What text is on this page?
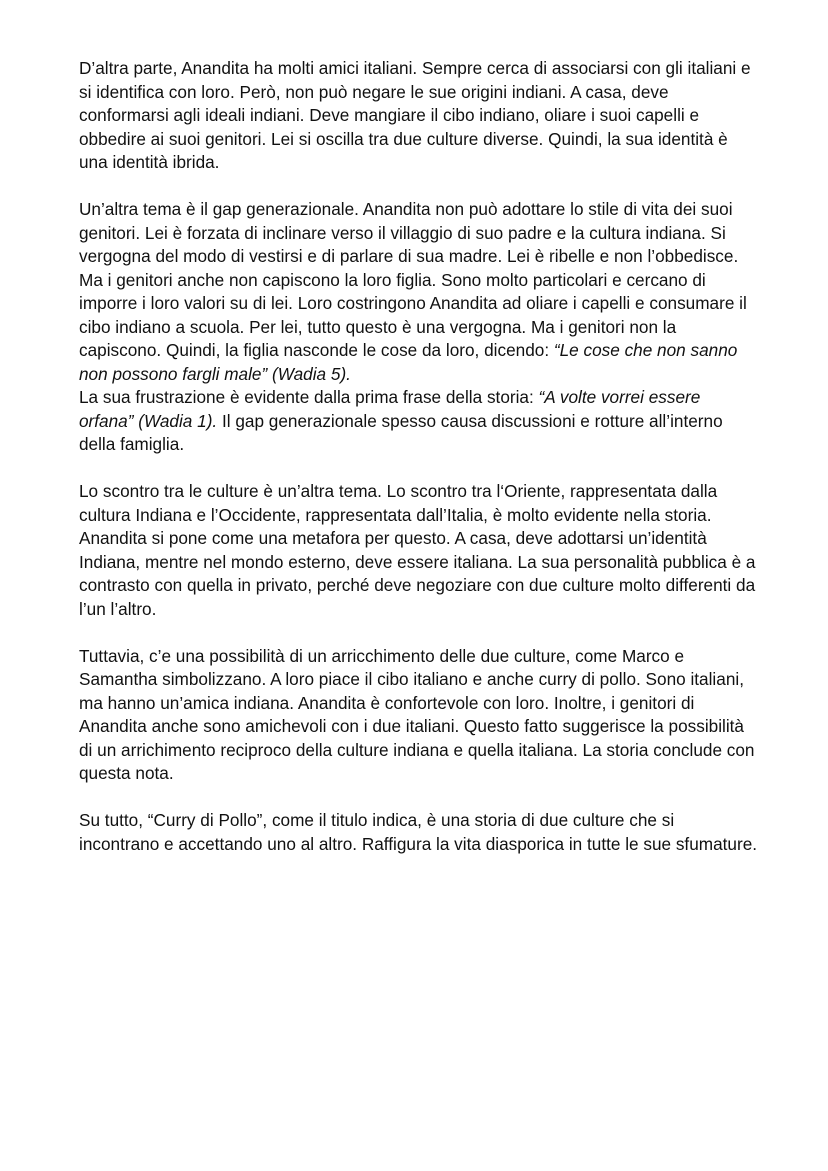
D’altra parte, Anandita ha molti amici italiani. Sempre cerca di associarsi con gli italiani e si identifica con loro. Però, non può negare le sue origini indiani. A casa, deve conformarsi agli ideali indiani. Deve mangiare il cibo indiano, oliare i suoi capelli e obbedire ai suoi genitori. Lei si oscilla tra due culture diverse. Quindi, la sua identità è una identità ibrida.

Un’altra tema è il gap generazionale. Anandita non può adottare lo stile di vita dei suoi genitori. Lei è forzata di inclinare verso il villaggio di suo padre e la cultura indiana. Si vergogna del modo di vestirsi e di parlare di sua madre. Lei è ribelle e non l’obbedisce. Ma i genitori anche non capiscono la loro figlia. Sono molto particolari e cercano di imporre i loro valori su di lei. Loro costringono Anandita ad oliare i capelli e consumare il cibo indiano a scuola. Per lei, tutto questo è una vergogna. Ma i genitori non la capiscono. Quindi, la figlia nasconde le cose da loro, dicendo: “Le cose che non sanno non possono fargli male” (Wadia 5).

La sua frustrazione è evidente dalla prima frase della storia: “A volte vorrei essere orfana” (Wadia 1). Il gap generazionale spesso causa discussioni e rotture all’interno della famiglia.

Lo scontro tra le culture è un’altra tema. Lo scontro tra l‘Oriente, rappresentata dalla cultura Indiana e l’Occidente, rappresentata dall’Italia, è molto evidente nella storia. Anandita si pone come una metafora per questo. A casa, deve adottarsi un’identità Indiana, mentre nel mondo esterno, deve essere italiana. La sua personalità pubblica è a contrasto con quella in privato, perché deve negoziare con due culture molto differenti da l’un l’altro.

Tuttavia, c’e una possibilità di un arricchimento delle due culture, come Marco e Samantha simbolizzano. A loro piace il cibo italiano e anche curry di pollo. Sono italiani, ma hanno un’amica indiana. Anandita è confortevole con loro. Inoltre, i genitori di Anandita anche sono amichevoli con i due italiani. Questo fatto suggerisce la possibilità di un arrichimento reciproco della culture indiana e quella italiana. La storia conclude con questa nota.

Su tutto, “Curry di Pollo”, come il titulo indica, è una storia di due culture che si incontrano e accettando uno al altro. Raffigura la vita diasporica in tutte le sue sfumature.
